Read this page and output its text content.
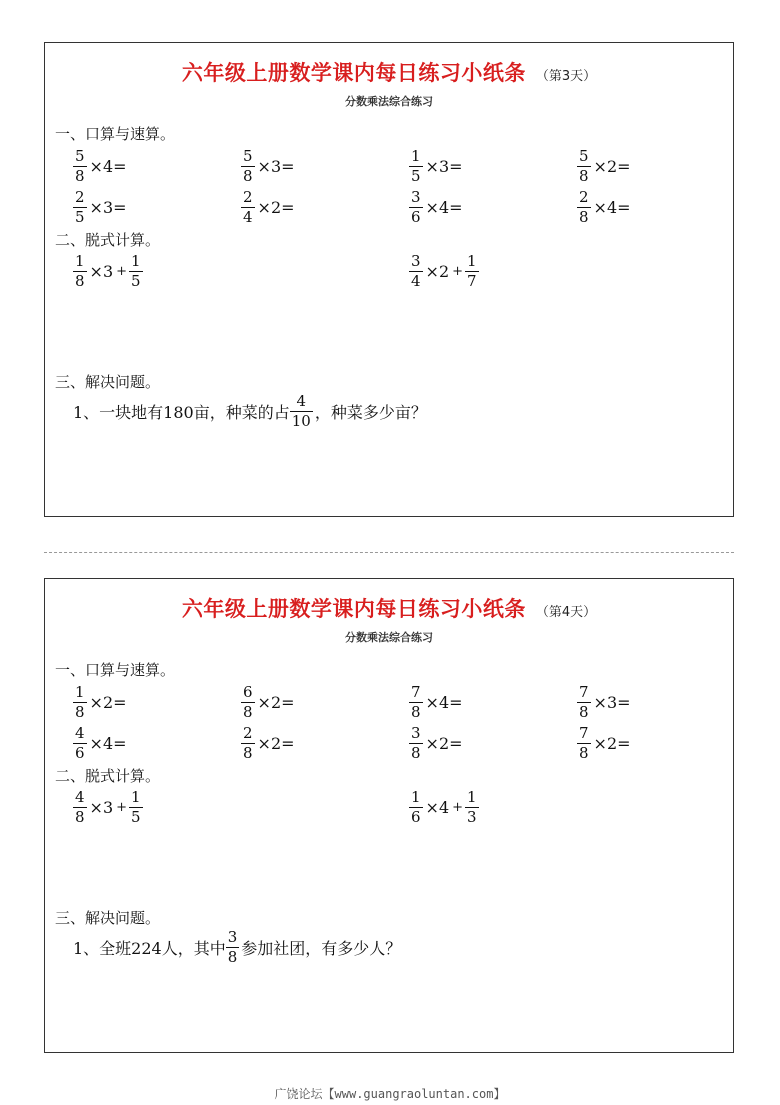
六年级上册数学课内每日练习小纸条 （第3天）
分数乘法综合练习
一、口算与速算。
$\frac{5}{8} \times 4=$	$\frac{5}{8} \times 3=$	$\frac{1}{5} \times 3=$	$\frac{5}{8} \times 2=$
$\frac{2}{5} \times 3=$	$\frac{2}{4} \times 2=$	$\frac{3}{6} \times 4=$	$\frac{2}{8} \times 4=$
二、脱式计算。
$\frac{1}{8} \times 3 + \frac{1}{5}$	$\frac{3}{4} \times 2 + \frac{1}{7}$
三、解决问题。
1、一块地有180亩，种菜的占 $\frac{4}{10}$ ，种菜多少亩？
六年级上册数学课内每日练习小纸条 （第4天）
分数乘法综合练习
一、口算与速算。
$\frac{1}{8} \times 2=$	$\frac{6}{8} \times 2=$	$\frac{7}{8} \times 4=$	$\frac{7}{8} \times 3=$
$\frac{4}{6} \times 4=$	$\frac{2}{8} \times 2=$	$\frac{3}{8} \times 2=$	$\frac{7}{8} \times 2=$
二、脱式计算。
$\frac{4}{8} \times 3 + \frac{1}{5}$	$\frac{1}{6} \times 4 + \frac{1}{3}$
三、解决问题。
1、全班224人，其中 $\frac{3}{8}$ 参加社团，有多少人？
广饶论坛【www.guangraoluntan.com】
